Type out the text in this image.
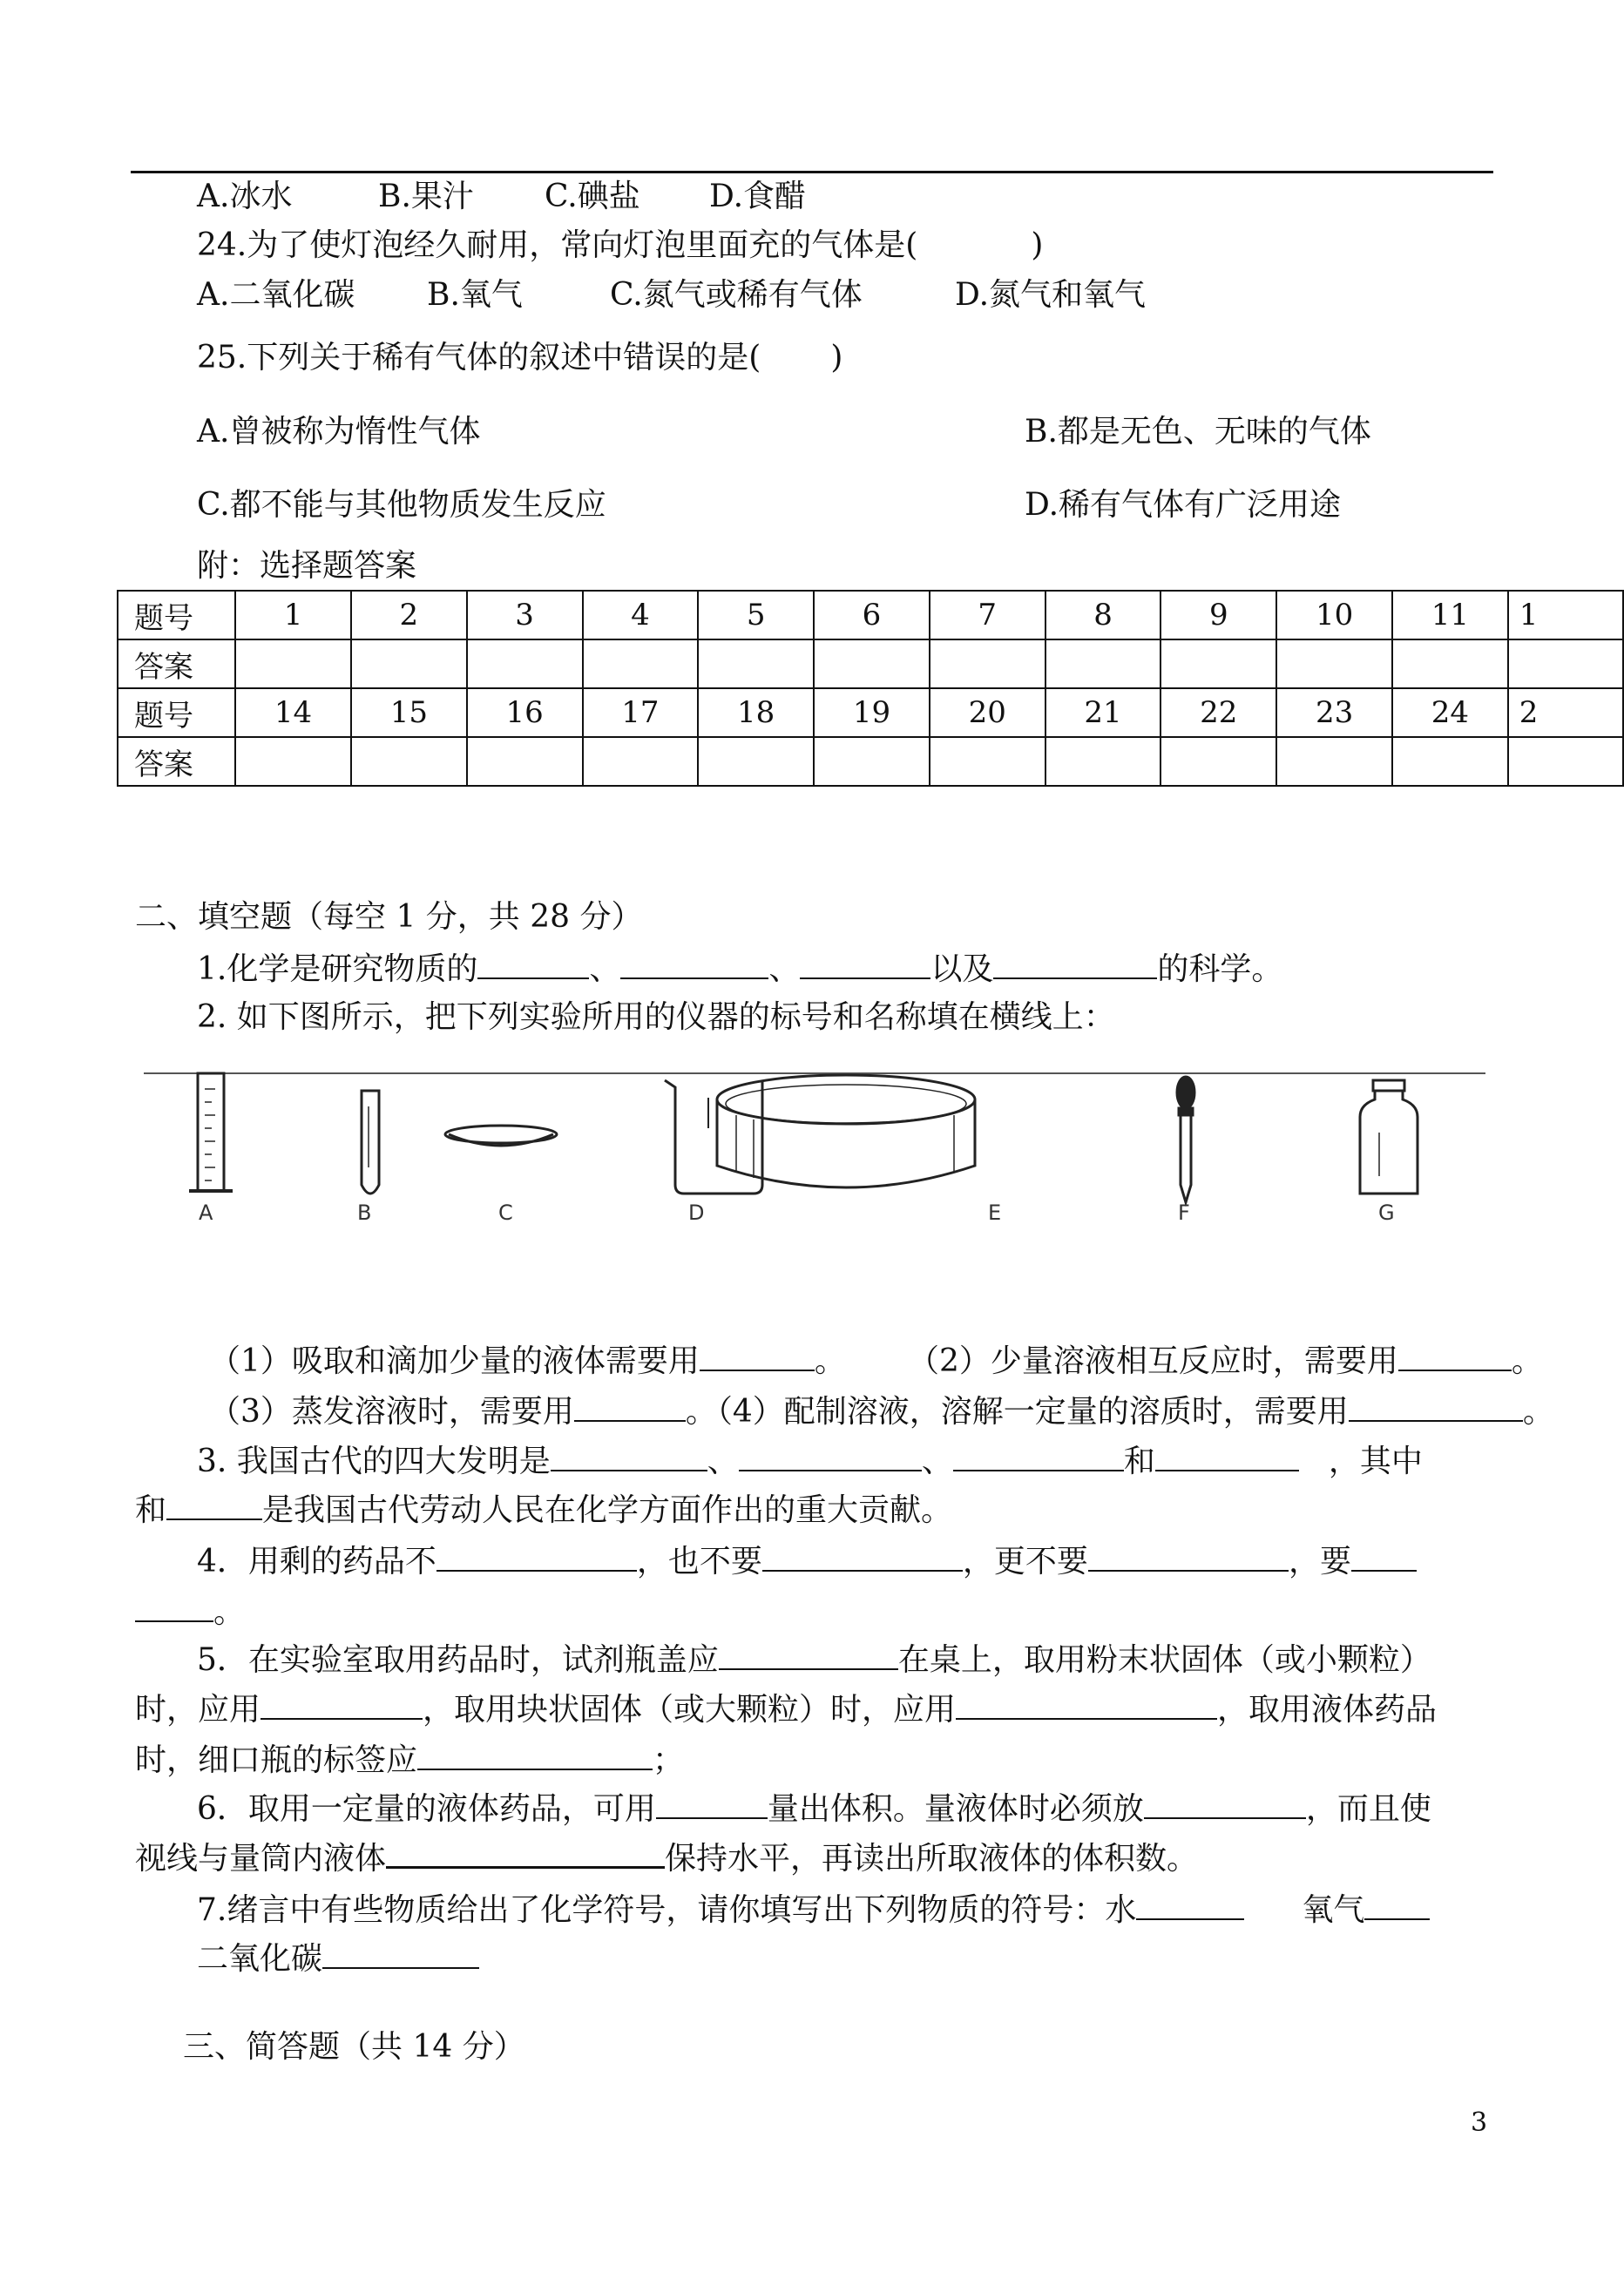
A.冰水	B.果汁 C.碘盐 D.食醋
24.为了使灯泡经久耐用，常向灯泡里面充的气体是(	)
A.二氧化碳 B.氧气	C.氮气或稀有气体	D.氮气和氧气
25.下列关于稀有气体的叙述中错误的是( )
A.曾被称为惰性气体	B.都是无色、无味的气体
C.都不能与其他物质发生反应	D.稀有气体有广泛用途
附：选择题答案
题号	1	2	3	4	5	6	7	8	9	10	11	1
答案												
题号	14	15	16	17	18	19	20	21	22	23	24	2
答案												
二、填空题（每空 1 分，共 28 分）
1.化学是研究物质的	、	、	以及	的科学。
2. 如下图所示，把下列实验所用的仪器的标号和名称填在横线上：
A	B	C	D	E	F	G
（1）吸取和滴加少量的液体需要用	。 （2）少量溶液相互反应时，需要用	。
（3）蒸发溶液时，需要用	。（4）配制溶液，溶解一定量的溶质时，需要用	。
3. 我国古代的四大发明是	、	、	和	，其中
和	是我国古代劳动人民在化学方面作出的重大贡献。
4．用剩的药品不	，也不要	，更不要	，要
。
5．在实验室取用药品时，试剂瓶盖应	在桌上，取用粉末状固体（或小颗粒）
时，应用	，取用块状固体（或大颗粒）时，应用	，取用液体药品
时，细口瓶的标签应	；
6．取用一定量的液体药品，可用	量出体积。量液体时必须放	，而且使
视线与量筒内液体	保持水平，再读出所取液体的体积数。
7.绪言中有些物质给出了化学符号，请你填写出下列物质的符号：水	氧气
二氧化碳
三、简答题（共 14 分）
3
